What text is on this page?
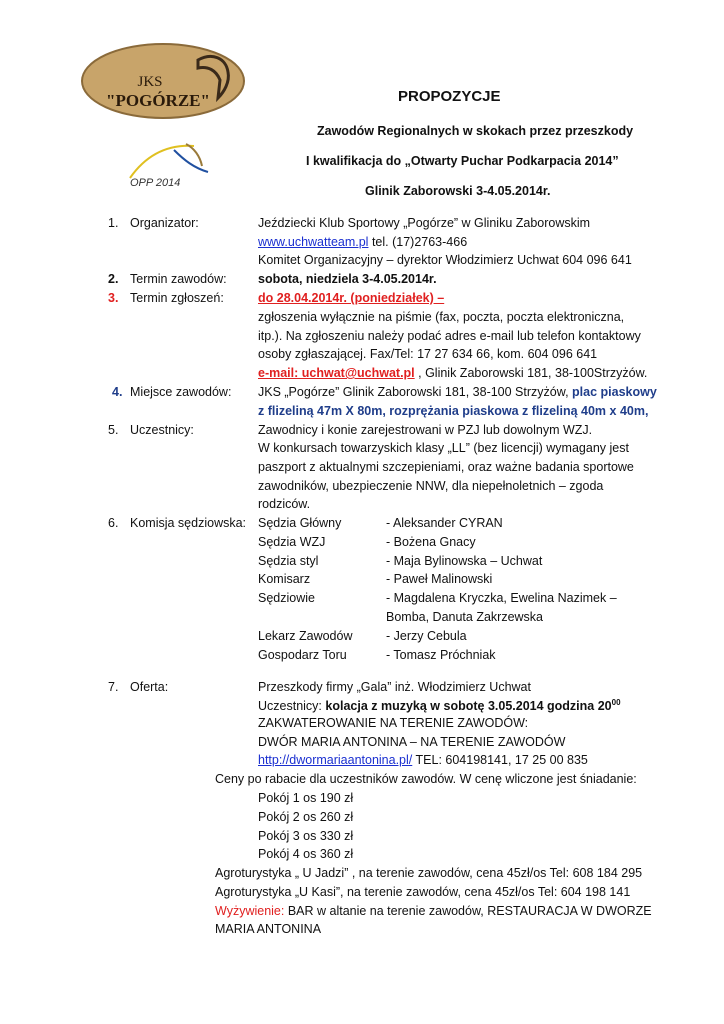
JKS
"POGÓRZE"
OPP 2014
PROPOZYCJE
Zawodów Regionalnych w skokach przez przeszkody
I kwalifikacja do „Otwarty Puchar Podkarpacia 2014”
Glinik Zaborowski 3-4.05.2014r.
1. Organizator:	Jeździecki Klub Sportowy „Pogórze” w Gliniku Zaborowskim
www.uchwatteam.pl tel. (17)2763-466
Komitet Organizacyjny – dyrektor Włodzimierz Uchwat 604 096 641
2. Termin zawodów:	sobota, niedziela 3-4.05.2014r.
3. Termin zgłoszeń:	do 28.04.2014r. (poniedziałek) –
zgłoszenia wyłącznie na piśmie (fax, poczta, poczta elektroniczna,
itp.). Na zgłoszeniu należy podać adres e-mail lub telefon kontaktowy
osoby zgłaszającej. Fax/Tel: 17 27 634 66, kom. 604 096 641
e-mail: uchwat@uchwat.pl , Glinik Zaborowski 181, 38-100Strzyżów.
4. Miejsce zawodów: JKS „Pogórze” Glinik Zaborowski 181, 38-100 Strzyżów, plac piaskowy
z flizeliną 47m X 80m, rozprężania piaskowa z flizeliną 40m x 40m,
5. Uczestnicy:	Zawodnicy i konie zarejestrowani w PZJ lub dowolnym WZJ.
W konkursach towarzyskich klasy „LL” (bez licencji) wymagany jest
paszport z aktualnymi szczepieniami, oraz ważne badania sportowe
zawodników, ubezpieczenie NNW, dla niepełnoletnich – zgoda
rodziców.
6. Komisja sędziowska: Sędzia Główny	- Aleksander CYRAN
Sędzia WZJ	- Bożena Gnacy
Sędzia styl	- Maja Bylinowska – Uchwat
Komisarz	- Paweł Malinowski
Sędziowie	- Magdalena Kryczka, Ewelina Nazimek –
Bomba, Danuta Zakrzewska
Lekarz Zawodów	- Jerzy Cebula
Gospodarz Toru	- Tomasz Próchniak
7. Oferta:	Przeszkody firmy „Gala” inż. Włodzimierz Uchwat
Uczestnicy: kolacja z muzyką w sobotę 3.05.2014 godzina $20^{00}$
ZAKWATEROWANIE NA TERENIE ZAWODÓW:
DWÓR MARIA ANTONINA – NA TERENIE ZAWODÓW
http://dwormariaantonina.pl/ TEL: 604198141, 17 25 00 835
Ceny po rabacie dla uczestników zawodów. W cenę wliczone jest śniadanie:
Pokój 1 os 190 zł
Pokój 2 os 260 zł
Pokój 3 os 330 zł
Pokój 4 os 360 zł
Agroturystyka „ U Jadzi” , na terenie zawodów, cena 45zł/os Tel: 608 184 295
Agroturystyka „U Kasi”, na terenie zawodów, cena 45zł/os Tel: 604 198 141
Wyżywienie: BAR w altanie na terenie zawodów, RESTAURACJA W DWORZE
MARIA ANTONINA
